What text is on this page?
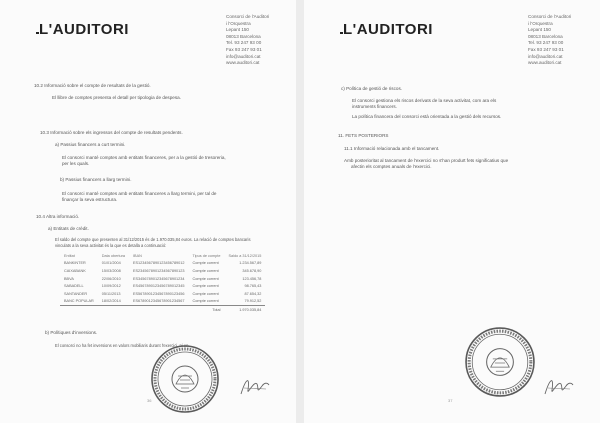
L'AUDITORI
Consorci de l'Auditori
i l'Orquestra
Lepant 150
08013 Barcelona
Tel. 93 247 93 00
Fax 93 247 93 01
info@auditori.cat
www.auditori.cat
10.2 Informació sobre el compte de resultats de la gestió.
El llibre de comptes presenta el detall per tipologia de despesa.
10.3 Informació sobre els ingressos del compte de resultats pendents.
a) Passius financers a curt termini.
El consorci manté comptes amb entitats financeres, per a la gestió de tresoreria,
per les quals.
b) Passius financers a llarg termini.
El consorci manté comptes amb entitats financeres a llarg termini, per tal de
finançar la seva estructura.
10.4 Altra informació.
a) Entitats de crèdit.
El saldo del compte que presenten al 31/12/2015 és de 1.970.035,84 euros. La relació de comptes bancaris
vinculats a la seva activitat és la que es detalla a continuació:
Entitat	Data obertura	IBAN	Tipus de compte	Saldo a 31/12/2015
BANKINTER	01/01/2004	ES1234567890123456789012	Compte corrent	1.234.567,89
CAIXABANK	15/03/2008	ES2345678901234567890123	Compte corrent	345.678,90
BBVA	22/06/2010	ES3456789012345678901234	Compte corrent	123.456,78
SABADELL	10/09/2012	ES4567890123456789012345	Compte corrent	98.765,43
SANTANDER	05/11/2013	ES5678901234567890123456	Compte corrent	87.654,32
BANC POPULAR	18/02/2014	ES6789012345678901234567	Compte corrent	79.912,52
			Total	1.970.035,84
b) Polítiques d'inversions.
El consorci no ha fet inversions en valors mobiliaris durant l'exercici, ni en
36
L'AUDITORI
Consorci de l'Auditori
i l'Orquestra
Lepant 150
08013 Barcelona
Tel. 93 247 93 00
Fax 93 247 93 01
info@auditori.cat
www.auditori.cat
c) Política de gestió de riscos.
El consorci gestiona els riscos derivats de la seva activitat, com ara els
instruments financers.
La política financera del consorci està orientada a la gestió dels recursos.
11. FETS POSTERIORS
11.1 Informació relacionada amb el tancament.
Amb posterioritat al tancament de l'exercici no s'han produït fets significatius que
afectin els comptes anuals de l'exercici.
37
